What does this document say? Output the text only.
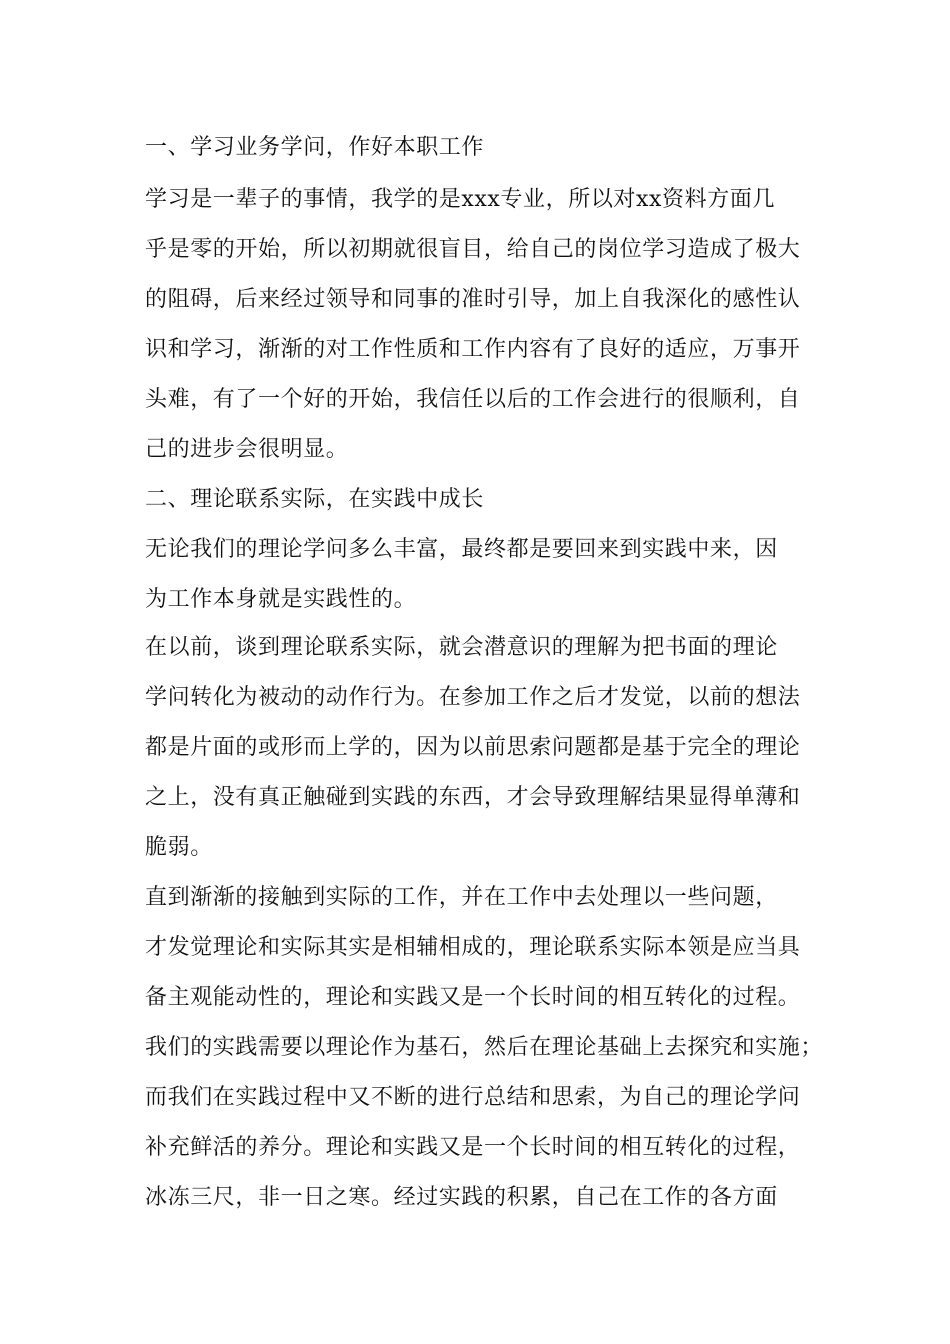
一、学习业务学问，作好本职工作
学习是一辈子的事情，我学的是xxx专业，所以对xx资料方面几
乎是零的开始，所以初期就很盲目，给自己的岗位学习造成了极大
的阻碍，后来经过领导和同事的准时引导，加上自我深化的感性认
识和学习，渐渐的对工作性质和工作内容有了良好的适应，万事开
头难，有了一个好的开始，我信任以后的工作会进行的很顺利，自
己的进步会很明显。
二、理论联系实际，在实践中成长
无论我们的理论学问多么丰富，最终都是要回来到实践中来，因
为工作本身就是实践性的。
在以前，谈到理论联系实际，就会潜意识的理解为把书面的理论
学问转化为被动的动作行为。在参加工作之后才发觉，以前的想法
都是片面的或形而上学的，因为以前思索问题都是基于完全的理论
之上，没有真正触碰到实践的东西，才会导致理解结果显得单薄和
脆弱。
直到渐渐的接触到实际的工作，并在工作中去处理以一些问题，
才发觉理论和实际其实是相辅相成的，理论联系实际本领是应当具
备主观能动性的，理论和实践又是一个长时间的相互转化的过程。
我们的实践需要以理论作为基石，然后在理论基础上去探究和实施；
而我们在实践过程中又不断的进行总结和思索，为自己的理论学问
补充鲜活的养分。理论和实践又是一个长时间的相互转化的过程，
冰冻三尺，非一日之寒。经过实践的积累，自己在工作的各方面
